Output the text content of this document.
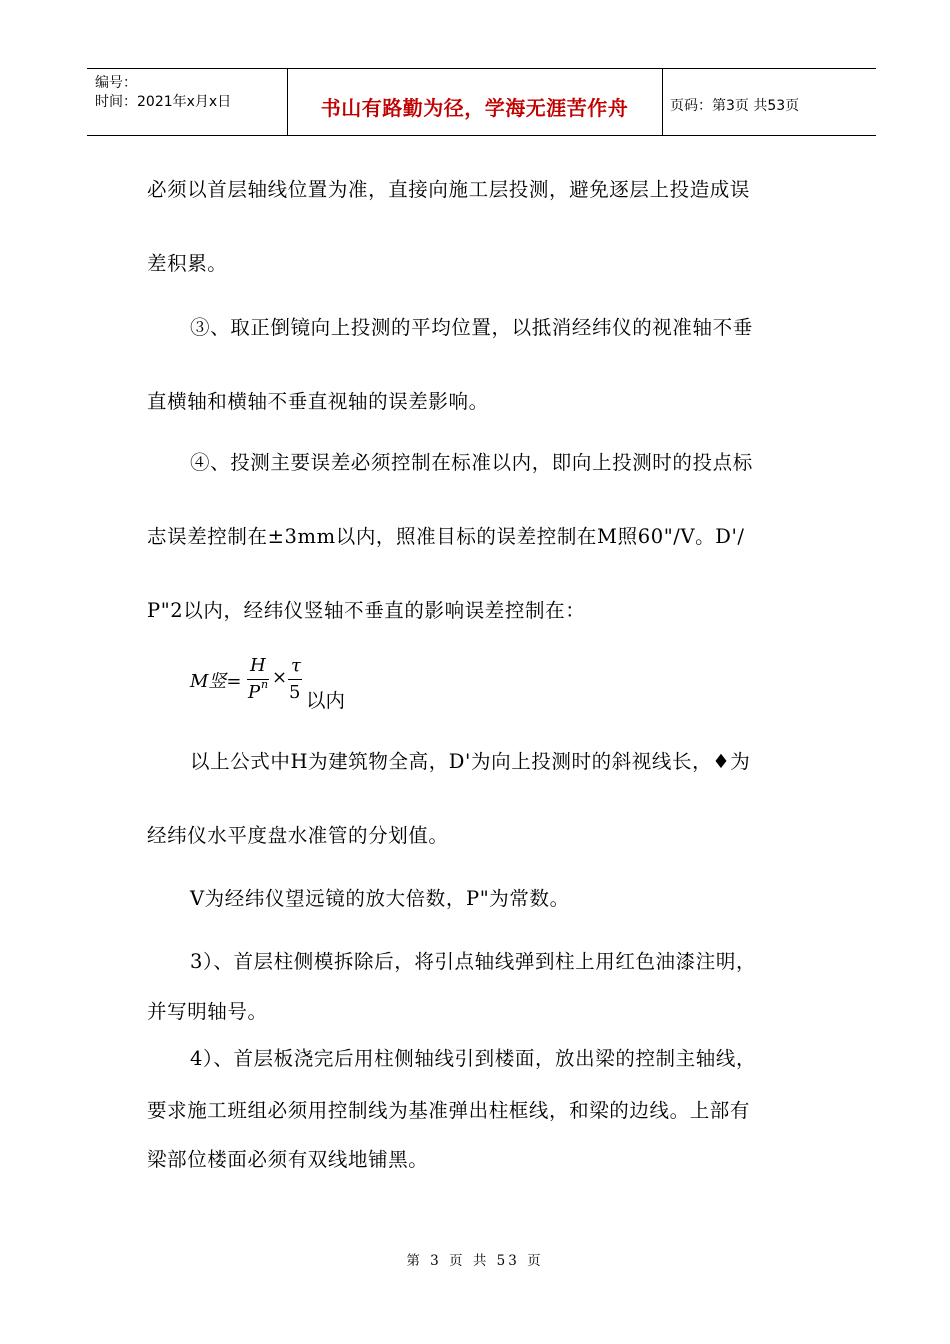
编号：
时间：2021年x月x日	书山有路勤为径，学海无涯苦作舟	页码：第3页 共53页
必须以首层轴线位置为准，直接向施工层投测，避免逐层上投造成误
差积累。
③、取正倒镜向上投测的平均位置，以抵消经纬仪的视准轴不垂
直横轴和横轴不垂直视轴的误差影响。
④、投测主要误差必须控制在标准以内，即向上投测时的投点标
志误差控制在±3mm以内，照准目标的误差控制在M照60"/V。D'/
P"2以内，经纬仪竖轴不垂直的影响误差控制在：
M竖=
H
P n ×
τ
5 以内
以上公式中H为建筑物全高，D'为向上投测时的斜视线长，♦为
经纬仪水平度盘水准管的分划值。
V为经纬仪望远镜的放大倍数，P"为常数。
3）、首层柱侧模拆除后，将引点轴线弹到柱上用红色油漆注明，
并写明轴号。
4）、首层板浇完后用柱侧轴线引到楼面，放出梁的控制主轴线，
要求施工班组必须用控制线为基准弹出柱框线，和梁的边线。上部有
梁部位楼面必须有双线地铺黑。
第 3 页 共 53 页
